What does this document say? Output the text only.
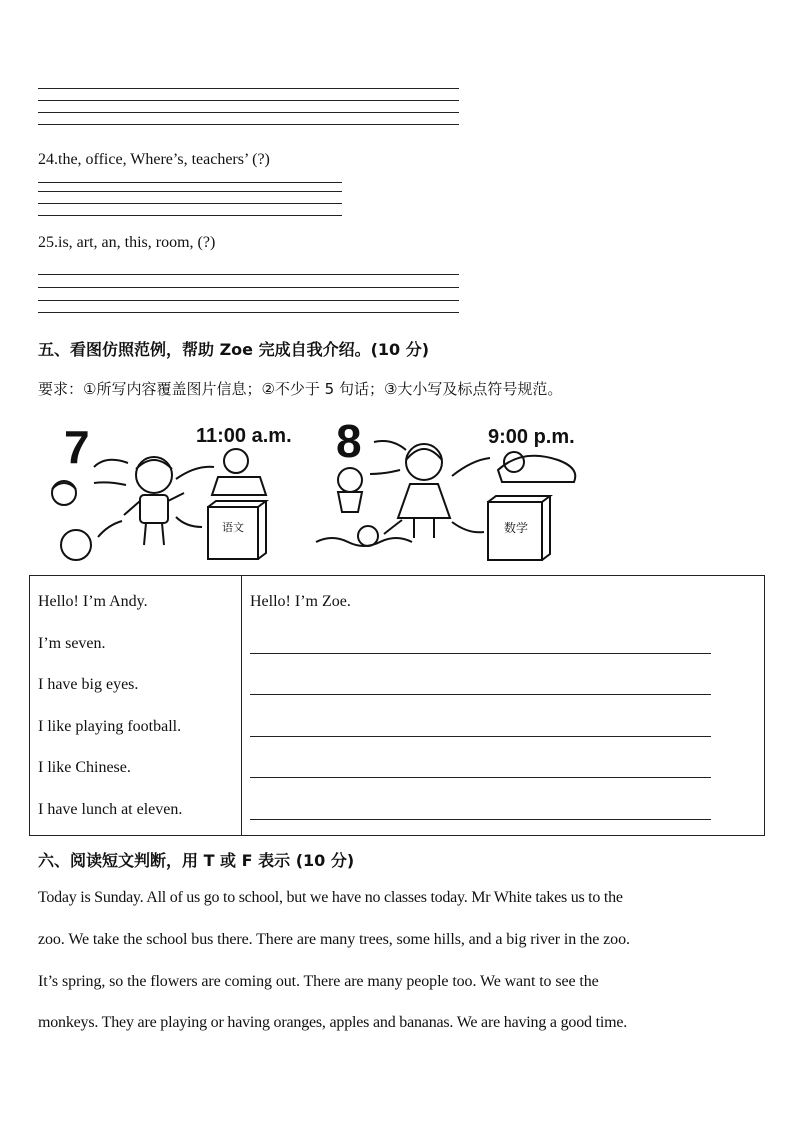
24.the, office, Where’s, teachers’ (?)
25.is, art, an, this, room, (?)
五、看图仿照范例，帮助 Zoe 完成自我介绍。(10 分)
要求：①所写内容覆盖图片信息；②不少于 5 句话；③大小写及标点符号规范。
7	11:00 a.m.
语文
8	9:00 p.m.
数学
Hello! I’m Andy.
I’m seven.
I have big eyes.
I like playing football.
I like Chinese.
I have lunch at eleven.

Hello! I’m Zoe.
六、阅读短文判断，用 T 或 F 表示 (10 分)
Today is Sunday. All of us go to school, but we have no classes today. Mr White takes us to the
zoo. We take the school bus there. There are many trees, some hills, and a big river in the zoo.
It’s spring, so the flowers are coming out. There are many people too. We want to see the
monkeys. They are playing or having oranges, apples and bananas. We are having a good time.
